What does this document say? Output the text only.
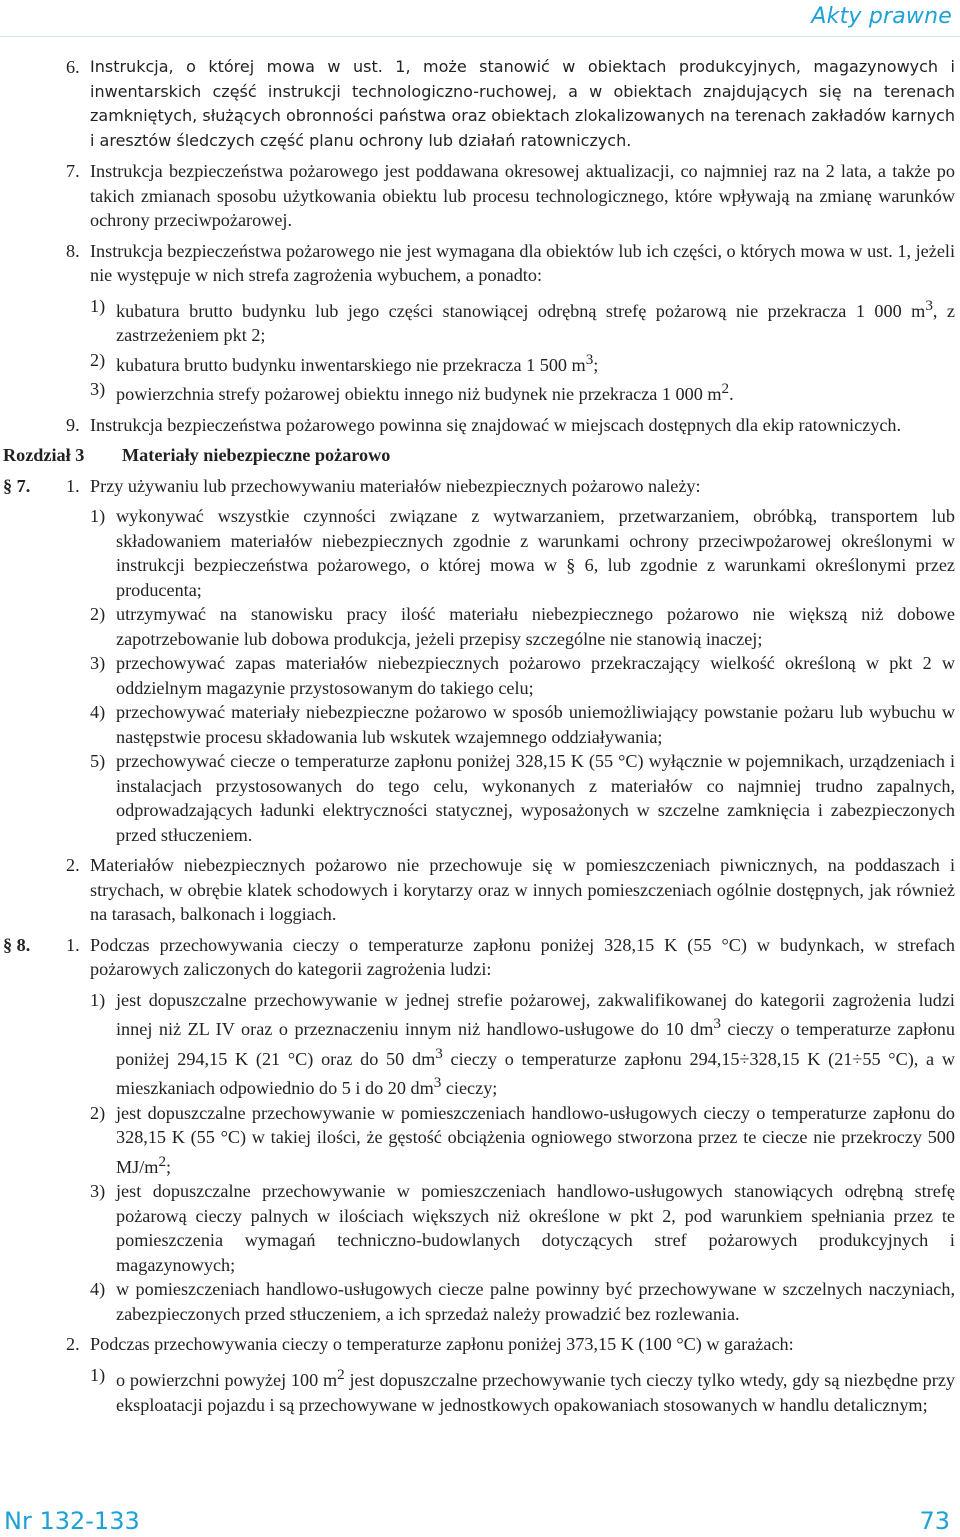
Akty prawne
6. Instrukcja, o której mowa w ust. 1, może stanowić w obiektach produkcyjnych, magazynowych i inwentarskich część instrukcji technologiczno-ruchowej, a w obiektach znajdujących się na terenach zamkniętych, służących obronności państwa oraz obiektach zlokalizowanych na terenach zakładów karnych i aresztów śledczych część planu ochrony lub działań ratowniczych.
7. Instrukcja bezpieczeństwa pożarowego jest poddawana okresowej aktualizacji, co najmniej raz na 2 lata, a także po takich zmianach sposobu użytkowania obiektu lub procesu technologicznego, które wpływają na zmianę warunków ochrony przeciwpożarowej.
8. Instrukcja bezpieczeństwa pożarowego nie jest wymagana dla obiektów lub ich części, o których mowa w ust. 1, jeżeli nie występuje w nich strefa zagrożenia wybuchem, a ponadto:
1) kubatura brutto budynku lub jego części stanowiącej odrębną strefę pożarową nie przekracza 1 000 $m^3$, z zastrzeżeniem pkt 2;
2) kubatura brutto budynku inwentarskiego nie przekracza 1 500 $m^3$;
3) powierzchnia strefy pożarowej obiektu innego niż budynek nie przekracza 1 000 $m^2$.
9. Instrukcja bezpieczeństwa pożarowego powinna się znajdować w miejscach dostępnych dla ekip ratowniczych.
Rozdział 3	Materiały niebezpieczne pożarowo
§ 7.	1. Przy używaniu lub przechowywaniu materiałów niebezpiecznych pożarowo należy:
1) wykonywać wszystkie czynności związane z wytwarzaniem, przetwarzaniem, obróbką, transportem lub składowaniem materiałów niebezpiecznych zgodnie z warunkami ochrony przeciwpożarowej określonymi w instrukcji bezpieczeństwa pożarowego, o której mowa w § 6, lub zgodnie z warunkami określonymi przez producenta;
2) utrzymywać na stanowisku pracy ilość materiału niebezpiecznego pożarowo nie większą niż dobowe zapotrzebowanie lub dobowa produkcja, jeżeli przepisy szczególne nie stanowią inaczej;
3) przechowywać zapas materiałów niebezpiecznych pożarowo przekraczający wielkość określoną w pkt 2 w oddzielnym magazynie przystosowanym do takiego celu;
4) przechowywać materiały niebezpieczne pożarowo w sposób uniemożliwiający powstanie pożaru lub wybuchu w następstwie procesu składowania lub wskutek wzajemnego oddziaływania;
5) przechowywać ciecze o temperaturze zapłonu poniżej 328,15 K (55 °C) wyłącznie w pojemnikach, urządzeniach i instalacjach przystosowanych do tego celu, wykonanych z materiałów co najmniej trudno zapalnych, odprowadzających ładunki elektryczności statycznej, wyposażonych w szczelne zamknięcia i zabezpieczonych przed stłuczeniem.
2. Materiałów niebezpiecznych pożarowo nie przechowuje się w pomieszczeniach piwnicznych, na poddaszach i strychach, w obrębie klatek schodowych i korytarzy oraz w innych pomieszczeniach ogólnie dostępnych, jak również na tarasach, balkonach i loggiach.
§ 8.	1. Podczas przechowywania cieczy o temperaturze zapłonu poniżej 328,15 K (55 °C) w budynkach, w strefach pożarowych zaliczonych do kategorii zagrożenia ludzi:
1) jest dopuszczalne przechowywanie w jednej strefie pożarowej, zakwalifikowanej do kategorii zagrożenia ludzi innej niż ZL IV oraz o przeznaczeniu innym niż handlowo-usługowe do 10 $dm^3$ cieczy o temperaturze zapłonu poniżej 294,15 K (21 °C) oraz do 50 $dm^3$ cieczy o temperaturze zapłonu 294,15÷328,15 K (21÷55 °C), a w mieszkaniach odpowiednio do 5 i do 20 $dm^3$ cieczy;
2) jest dopuszczalne przechowywanie w pomieszczeniach handlowo-usługowych cieczy o temperaturze zapłonu do 328,15 K (55 °C) w takiej ilości, że gęstość obciążenia ogniowego stworzona przez te ciecze nie przekroczy 500 $MJ/m^2$;
3) jest dopuszczalne przechowywanie w pomieszczeniach handlowo-usługowych stanowiących odrębną strefę pożarową cieczy palnych w ilościach większych niż określone w pkt 2, pod warunkiem spełniania przez te pomieszczenia wymagań techniczno-budowlanych dotyczących stref pożarowych produkcyjnych i magazynowych;
4) w pomieszczeniach handlowo-usługowych ciecze palne powinny być przechowywane w szczelnych naczyniach, zabezpieczonych przed stłuczeniem, a ich sprzedaż należy prowadzić bez rozlewania.
2. Podczas przechowywania cieczy o temperaturze zapłonu poniżej 373,15 K (100 °C) w garażach:
1) o powierzchni powyżej 100 $m^2$ jest dopuszczalne przechowywanie tych cieczy tylko wtedy, gdy są niezbędne przy eksploatacji pojazdu i są przechowywane w jednostkowych opakowaniach stosowanych w handlu detalicznym;
Nr 132-133	73
